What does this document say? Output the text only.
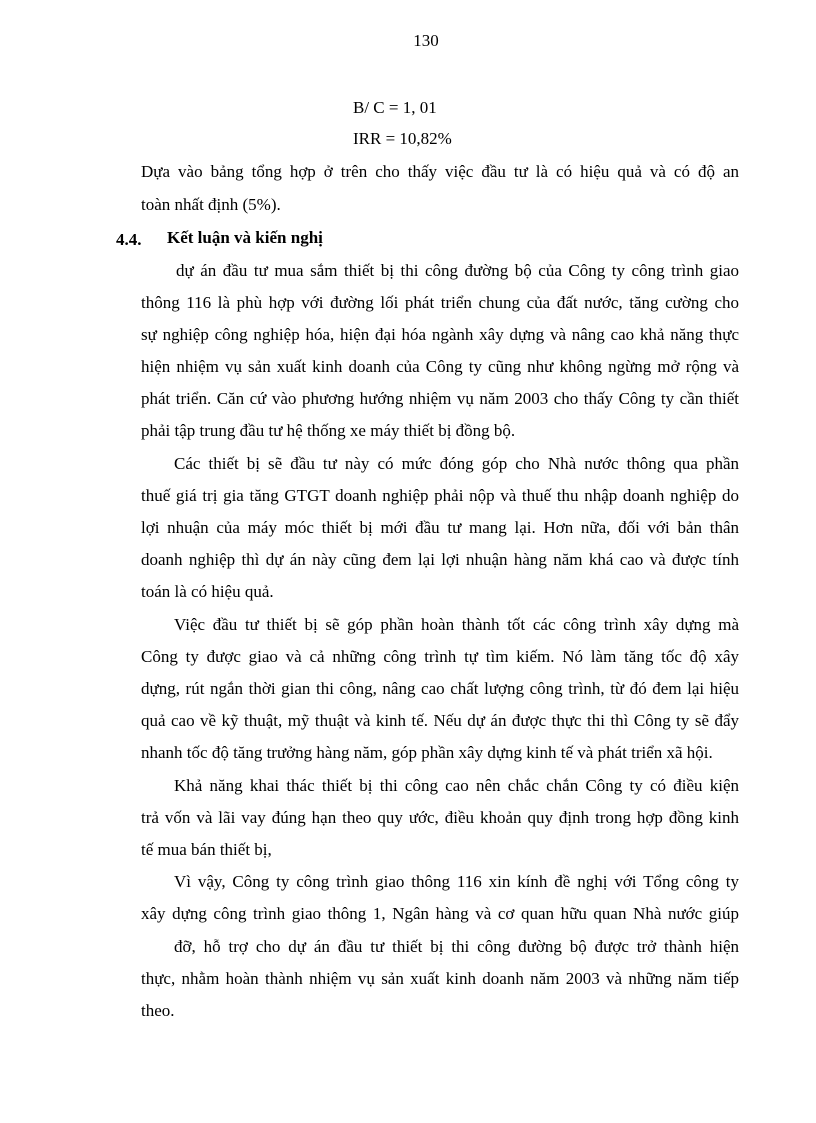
130
B/ C = 1, 01
IRR = 10,82%
Dựa vào bảng tổng hợp ở trên cho thấy việc đầu tư là có hiệu quả và có độ an
toàn nhất định (5%).
4.4. Kết luận và kiến nghị
dự án đầu tư mua sắm thiết bị thi công đường bộ của Công ty công trình giao
thông 116 là phù hợp với đường lối phát triển chung của đất nước, tăng cường cho
sự nghiệp công nghiệp hóa, hiện đại hóa ngành xây dựng và nâng cao khả năng thực
hiện nhiệm vụ sản xuất kinh doanh của Công ty cũng như không ngừng mở rộng và
phát triển. Căn cứ vào phương hướng nhiệm vụ năm 2003 cho thấy Công ty cần thiết
phải tập trung đầu tư hệ thống xe máy thiết bị đồng bộ.
Các thiết bị sẽ đầu tư này có mức đóng góp cho Nhà nước thông qua phần
thuế giá trị gia tăng GTGT doanh nghiệp phải nộp và thuế thu nhập doanh nghiệp do
lợi nhuận của máy móc thiết bị mới đầu tư mang lại. Hơn nữa, đối với bản thân
doanh nghiệp thì dự án này cũng đem lại lợi nhuận hàng năm khá cao và được tính
toán là có hiệu quả.
Việc đầu tư thiết bị sẽ góp phần hoàn thành tốt các công trình xây dựng mà
Công ty được giao và cả những công trình tự tìm kiếm. Nó làm tăng tốc độ xây
dựng, rút ngắn thời gian thi công, nâng cao chất lượng công trình, từ đó đem lại hiệu
quả cao về kỹ thuật, mỹ thuật và kinh tế. Nếu dự án được thực thi thì Công ty sẽ đẩy
nhanh tốc độ tăng trưởng hàng năm, góp phần xây dựng kinh tế và phát triển xã hội.
Khả năng khai thác thiết bị thi công cao nên chắc chắn Công ty có điều kiện
trả vốn và lãi vay đúng hạn theo quy ước, điều khoản quy định trong hợp đồng kinh
tế mua bán thiết bị,
Vì vậy, Công ty công trình giao thông 116 xin kính đề nghị với Tổng công ty
xây dựng công trình giao thông 1, Ngân hàng và cơ quan hữu quan Nhà nước giúp
đỡ, hỗ trợ cho dự án đầu tư thiết bị thi công đường bộ được trở thành hiện
thực, nhằm hoàn thành nhiệm vụ sản xuất kinh doanh năm 2003 và những năm tiếp
theo.
